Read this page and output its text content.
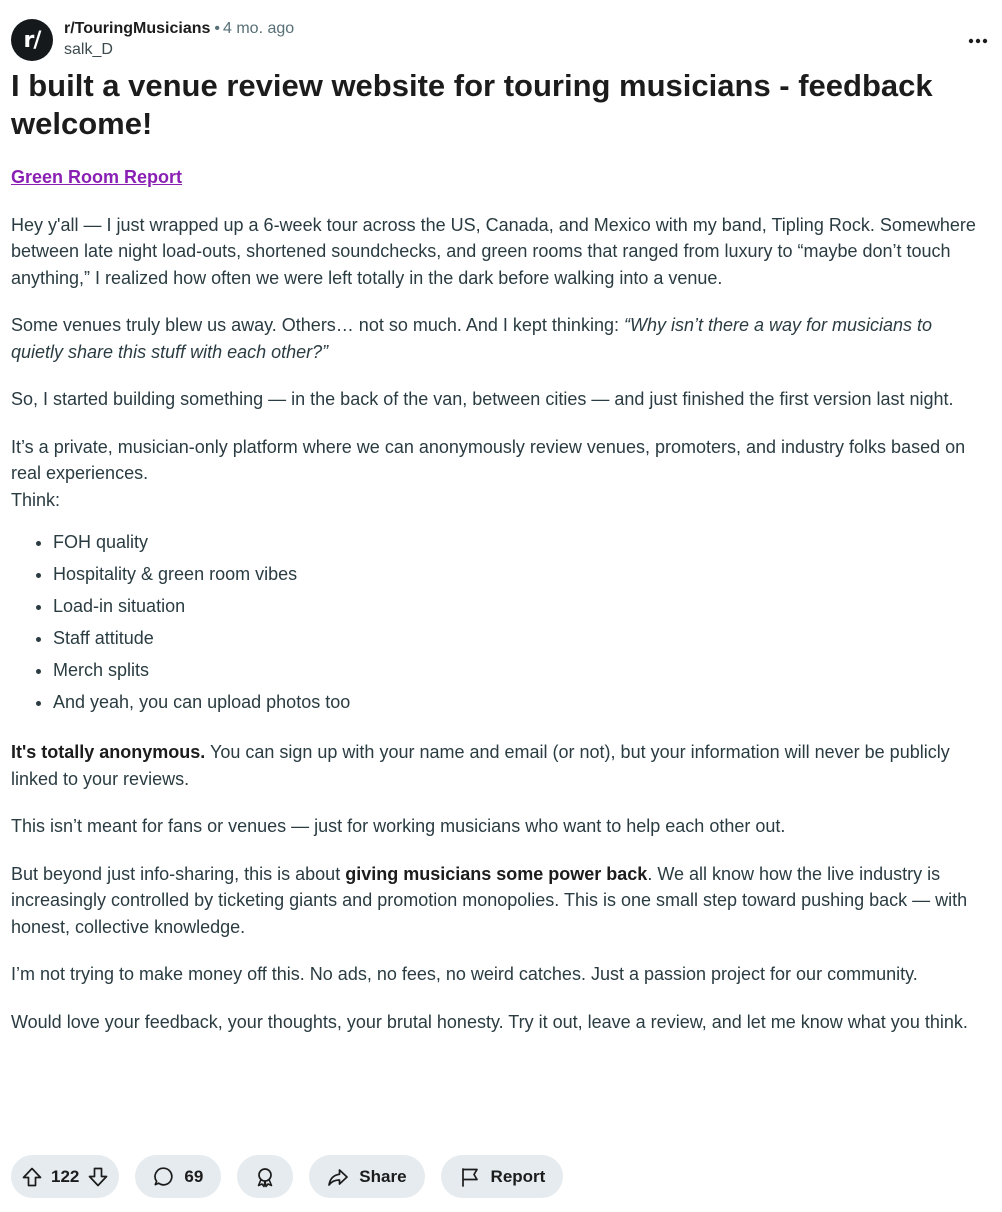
r/	r/TouringMusicians • 4 mo. ago
salk_D
I built a venue review website for touring musicians - feedback welcome!

Green Room Report

Hey y'all — I just wrapped up a 6-week tour across the US, Canada, and Mexico with my band, Tipling Rock. Somewhere between late night load-outs, shortened soundchecks, and green rooms that ranged from luxury to “maybe don’t touch anything,” I realized how often we were left totally in the dark before walking into a venue.

Some venues truly blew us away. Others… not so much. And I kept thinking: “Why isn’t there a way for musicians to quietly share this stuff with each other?”

So, I started building something — in the back of the van, between cities — and just finished the first version last night.

It’s a private, musician-only platform where we can anonymously review venues, promoters, and industry folks based on real experiences.
Think:

• FOH quality
• Hospitality & green room vibes
• Load-in situation
• Staff attitude
• Merch splits
• And yeah, you can upload photos too

It's totally anonymous. You can sign up with your name and email (or not), but your information will never be publicly linked to your reviews.

This isn’t meant for fans or venues — just for working musicians who want to help each other out.

But beyond just info-sharing, this is about giving musicians some power back. We all know how the live industry is increasingly controlled by ticketing giants and promotion monopolies. This is one small step toward pushing back — with honest, collective knowledge.

I’m not trying to make money off this. No ads, no fees, no weird catches. Just a passion project for our community.

Would love your feedback, your thoughts, your brutal honesty. Try it out, leave a review, and let me know what you think.

122	69	Share	Report
